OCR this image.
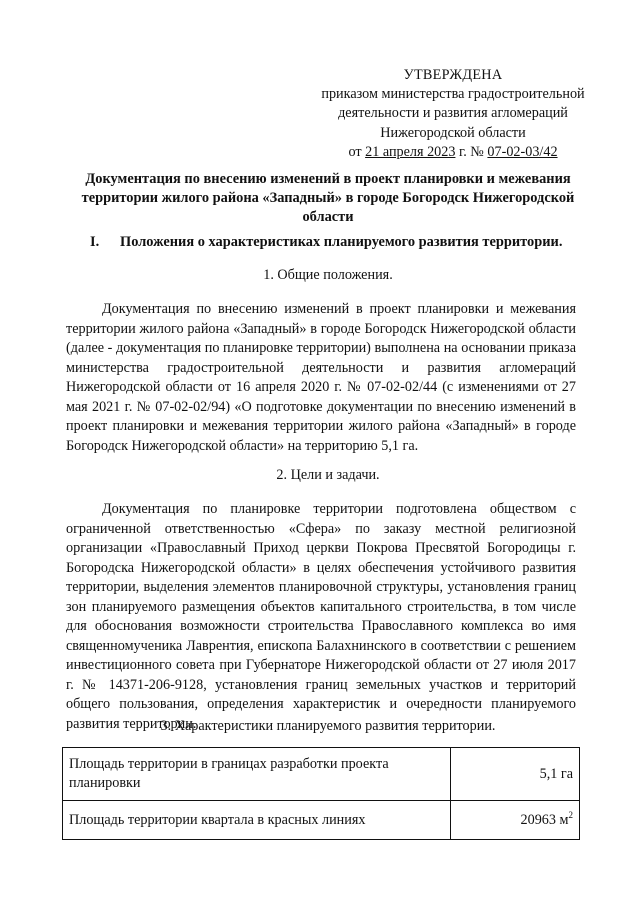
УТВЕРЖДЕНА
приказом министерства градостроительной
деятельности и развития агломераций
Нижегородской области
от 21 апреля 2023 г. № 07-02-03/42
Документация по внесению изменений в проект планировки и межевания территории жилого района «Западный» в городе Богородск Нижегородской области
I. Положения о характеристиках планируемого развития территории.
1. Общие положения.

Документация по внесению изменений в проект планировки и межевания территории жилого района «Западный» в городе Богородск Нижегородской области (далее - документация по планировке территории) выполнена на основании приказа министерства градостроительной деятельности и развития агломераций Нижегородской области от 16 апреля 2020 г. № 07-02-02/44 (с изменениями от 27 мая 2021 г. № 07-02-02/94) «О подготовке документации по внесению изменений в проект планировки и межевания территории жилого района «Западный» в городе Богородск Нижегородской области» на территорию 5,1 га.

2. Цели и задачи.

Документация по планировке территории подготовлена обществом с ограниченной ответственностью «Сфера» по заказу местной религиозной организации «Православный Приход церкви Покрова Пресвятой Богородицы г. Богородска Нижегородской области» в целях обеспечения устойчивого развития территории, выделения элементов планировочной структуры, установления границ зон планируемого размещения объектов капитального строительства, в том числе для обоснования возможности строительства Православного комплекса во имя священномученика Лаврентия, епископа Балахнинского в соответствии с решением инвестиционного совета при Губернаторе Нижегородской области от 27 июля 2017 г. № 14371-206-9128, установления границ земельных участков и территорий общего пользования, определения характеристик и очередности планируемого развития территории.

3. Характеристики планируемого развития территории.
Площадь территории в границах разработки проекта планировки	5,1 га
Площадь территории квартала в красных линиях	20963 $м^2$
